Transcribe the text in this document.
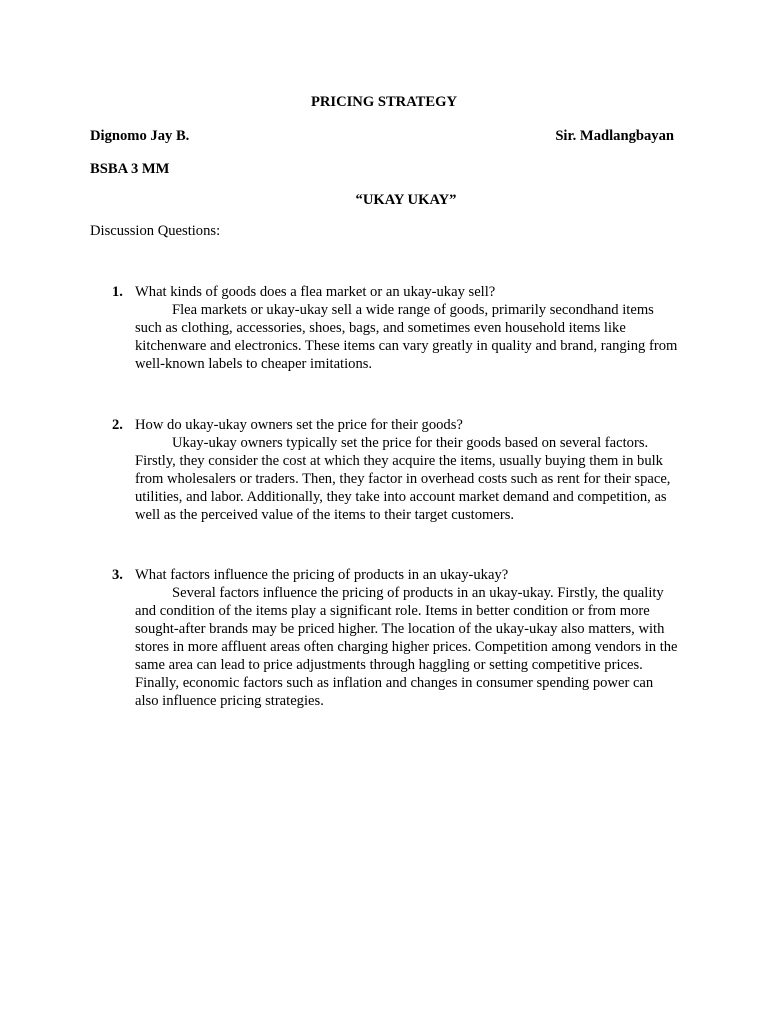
PRICING STRATEGY
Dignomo Jay B.	Sir. Madlangbayan
BSBA 3 MM
“UKAY UKAY”
Discussion Questions:
1. What kinds of goods does a flea market or an ukay-ukay sell?
Flea markets or ukay-ukay sell a wide range of goods, primarily secondhand items such as clothing, accessories, shoes, bags, and sometimes even household items like kitchenware and electronics. These items can vary greatly in quality and brand, ranging from well-known labels to cheaper imitations.
2. How do ukay-ukay owners set the price for their goods?
Ukay-ukay owners typically set the price for their goods based on several factors. Firstly, they consider the cost at which they acquire the items, usually buying them in bulk from wholesalers or traders. Then, they factor in overhead costs such as rent for their space, utilities, and labor. Additionally, they take into account market demand and competition, as well as the perceived value of the items to their target customers.
3. What factors influence the pricing of products in an ukay-ukay?
Several factors influence the pricing of products in an ukay-ukay. Firstly, the quality and condition of the items play a significant role. Items in better condition or from more sought-after brands may be priced higher. The location of the ukay-ukay also matters, with stores in more affluent areas often charging higher prices. Competition among vendors in the same area can lead to price adjustments through haggling or setting competitive prices. Finally, economic factors such as inflation and changes in consumer spending power can also influence pricing strategies.
